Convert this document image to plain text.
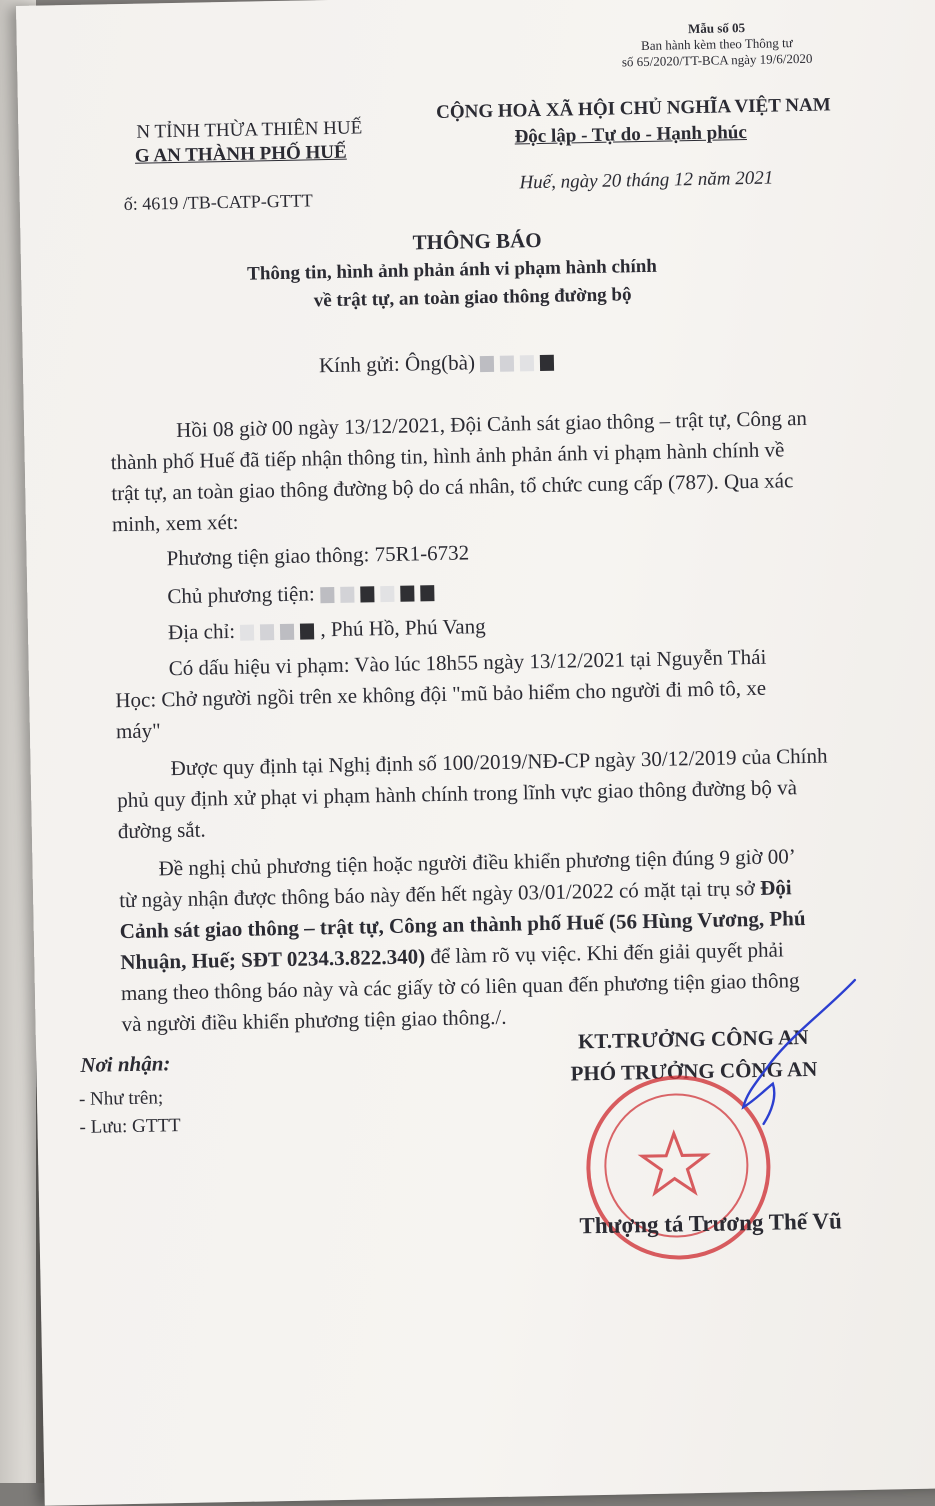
Mẫu số 05
Ban hành kèm theo Thông tư
số 65/2020/TT-BCA ngày 19/6/2020
N TỈNH THỪA THIÊN HUẾ
G AN THÀNH PHỐ HUẾ
ố: 4619 /TB-CATP-GTTT
CỘNG HOÀ XÃ HỘI CHỦ NGHĨA VIỆT NAM
Độc lập - Tự do - Hạnh phúc
Huế, ngày 20 tháng 12 năm 2021
THÔNG BÁO
Thông tin, hình ảnh phản ánh vi phạm hành chính
về trật tự, an toàn giao thông đường bộ
Kính gửi: Ông(bà)
Hồi 08 giờ 00 ngày 13/12/2021, Đội Cảnh sát giao thông – trật tự, Công an
thành phố Huế đã tiếp nhận thông tin, hình ảnh phản ánh vi phạm hành chính về
trật tự, an toàn giao thông đường bộ do cá nhân, tổ chức cung cấp (787). Qua xác
minh, xem xét:
Phương tiện giao thông: 75R1-6732
Chủ phương tiện:
Địa chỉ:	, Phú Hồ, Phú Vang
Có dấu hiệu vi phạm: Vào lúc 18h55 ngày 13/12/2021 tại Nguyễn Thái
Học: Chở người ngồi trên xe không đội "mũ bảo hiểm cho người đi mô tô, xe
máy"
Được quy định tại Nghị định số 100/2019/NĐ-CP ngày 30/12/2019 của Chính
phủ quy định xử phạt vi phạm hành chính trong lĩnh vực giao thông đường bộ và
đường sắt.
Đề nghị chủ phương tiện hoặc người điều khiển phương tiện đúng 9 giờ 00’
từ ngày nhận được thông báo này đến hết ngày 03/01/2022 có mặt tại trụ sở Đội
Cảnh sát giao thông – trật tự, Công an thành phố Huế (56 Hùng Vương, Phú
Nhuận, Huế; SĐT 0234.3.822.340) để làm rõ vụ việc. Khi đến giải quyết phải
mang theo thông báo này và các giấy tờ có liên quan đến phương tiện giao thông
và người điều khiển phương tiện giao thông./.
Nơi nhận:
- Như trên;
- Lưu: GTTT
KT.TRƯỞNG CÔNG AN
PHÓ TRƯỞNG CÔNG AN
Thượng tá Trương Thế Vũ
